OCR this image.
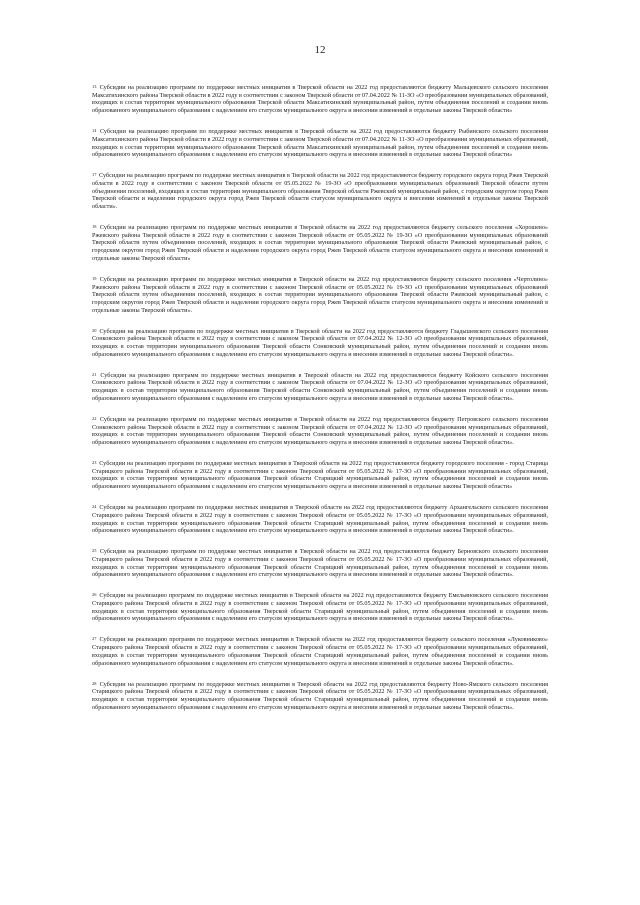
12

$^{13}$ Субсидии на реализацию программ по поддержке местных инициатив в Тверской области на 2022 год предоставляются бюджету Мальцевского сельского поселения Максатихинского района Тверской области в 2022 году в соответствии с законом Тверской области от 07.04.2022 № 11-ЗО «О преобразовании муниципальных образований, входящих в состав территории муниципального образования Тверской области Максатихинский муниципальный район, путем объединения поселений и создании вновь образованного муниципального образования с наделением его статусом муниципального округа и внесении изменений в отдельные законы Тверской области»

$^{14}$ Субсидии на реализацию программ по поддержке местных инициатив в Тверской области на 2022 год предоставляются бюджету Рыбинского сельского поселения Максатихинского района Тверской области в 2022 году в соответствии с законом Тверской области от 07.04.2022 № 11-ЗО «О преобразовании муниципальных образований, входящих в состав территории муниципального образования Тверской области Максатихинский муниципальный район, путем объединения поселений и создании вновь образованного муниципального образования с наделением его статусом муниципального округа и внесении изменений в отдельные законы Тверской области»

$^{17}$ Субсидии на реализацию программ по поддержке местных инициатив в Тверской области на 2022 год предоставляются бюджету городского округа город Ржев Тверской области в 2022 году в соответствии с законом Тверской области от 05.05.2022 № 19-ЗО «О преобразовании муниципальных образований Тверской области путем объединения поселений, входящих в состав территории муниципального образования Тверской области Ржевский муниципальный район, с городским округом город Ржев Тверской области и наделении городского округа город Ржев Тверской области статусом муниципального округа и внесении изменений в отдельные законы Тверской области».

$^{18}$ Субсидии на реализацию программ по поддержке местных инициатив в Тверской области на 2022 год предоставляются бюджету сельского поселения «Хорошево» Ржевского района Тверской области в 2022 году в соответствии с законом Тверской области от 05.05.2022 № 19-ЗО «О преобразовании муниципальных образований Тверской области путем объединения поселений, входящих в состав территории муниципального образования Тверской области Ржевский муниципальный район, с городским округом город Ржев Тверской области и наделении городского округа город Ржев Тверской области статусом муниципального округа и внесении изменений в отдельные законы Тверской области»

$^{19}$ Субсидии на реализацию программ по поддержке местных инициатив в Тверской области на 2022 год предоставляются бюджету сельского поселения «Чертолино» Ржевского района Тверской области в 2022 году в соответствии с законом Тверской области от 05.05.2022 № 19-ЗО «О преобразовании муниципальных образований Тверской области путем объединения поселений, входящих в состав территории муниципального образования Тверской области Ржевский муниципальный район, с городским округом город Ржев Тверской области и наделении городского округа город Ржев Тверской области статусом муниципального округа и внесении изменений в отдельные законы Тверской области».

$^{20}$ Субсидии на реализацию программ по поддержке местных инициатив в Тверской области на 2022 год предоставляются бюджету Гладышевского сельского поселения Сонковского района Тверской области в 2022 году в соответствии с законом Тверской области от 07.04.2022 № 12-ЗО «О преобразовании муниципальных образований, входящих в состав территории муниципального образования Тверской области Сонковский муниципальный район, путем объединения поселений и создании вновь образованного муниципального образования с наделением его статусом муниципального округа и внесении изменений в отдельные законы Тверской области».

$^{21}$ Субсидии на реализацию программ по поддержке местных инициатив в Тверской области на 2022 год предоставляются бюджету Койского сельского поселения Сонковского района Тверской области в 2022 году в соответствии с законом Тверской области от 07.04.2022 № 12-ЗО «О преобразовании муниципальных образований, входящих в состав территории муниципального образования Тверской области Сонковский муниципальный район, путем объединения поселений и создании вновь образованного муниципального образования с наделением его статусом муниципального округа и внесении изменений в отдельные законы Тверской области».

$^{22}$ Субсидии на реализацию программ по поддержке местных инициатив в Тверской области на 2022 год предоставляются бюджету Петровского сельского поселения Сонковского района Тверской области в 2022 году в соответствии с законом Тверской области от 07.04.2022 № 12-ЗО «О преобразовании муниципальных образований, входящих в состав территории муниципального образования Тверской области Сонковский муниципальный район, путем объединения поселений и создании вновь образованного муниципального образования с наделением его статусом муниципального округа и внесении изменений в отдельные законы Тверской области».

$^{23}$ Субсидии на реализацию программ по поддержке местных инициатив в Тверской области на 2022 год предоставляются бюджету городского поселения - город Старица Старицкого района Тверской области в 2022 году в соответствии с законом Тверской области от 05.05.2022 № 17-ЗО «О преобразовании муниципальных образований, входящих в состав территории муниципального образования Тверской области Старицкий муниципальный район, путем объединения поселений и создании вновь образованного муниципального образования с наделением его статусом муниципального округа и внесении изменений в отдельные законы Тверской области»

$^{24}$ Субсидии на реализацию программ по поддержке местных инициатив в Тверской области на 2022 год предоставляются бюджету Архангельского сельского поселения Старицкого района Тверской области в 2022 году в соответствии с законом Тверской области от 05.05.2022 № 17-ЗО «О преобразовании муниципальных образований, входящих в состав территории муниципального образования Тверской области Старицкий муниципальный район, путем объединения поселений и создании вновь образованного муниципального образования с наделением его статусом муниципального округа и внесении изменений в отдельные законы Тверской области».

$^{25}$ Субсидии на реализацию программ по поддержке местных инициатив в Тверской области на 2022 год предоставляются бюджету Берновского сельского поселения Старицкого района Тверской области в 2022 году в соответствии с законом Тверской области от 05.05.2022 № 17-ЗО «О преобразовании муниципальных образований, входящих в состав территории муниципального образования Тверской области Старицкий муниципальный район, путем объединения поселений и создании вновь образованного муниципального образования с наделением его статусом муниципального округа и внесении изменений в отдельные законы Тверской области».

$^{26}$ Субсидии на реализацию программ по поддержке местных инициатив в Тверской области на 2022 год предоставляются бюджету Емельяновского сельского поселения Старицкого района Тверской области в 2022 году в соответствии с законом Тверской области от 05.05.2022 № 17-ЗО «О преобразовании муниципальных образований, входящих в состав территории муниципального образования Тверской области Старицкий муниципальный район, путем объединения поселений и создании вновь образованного муниципального образования с наделением его статусом муниципального округа и внесении изменений в отдельные законы Тверской области».

$^{27}$ Субсидии на реализацию программ по поддержке местных инициатив в Тверской области на 2022 год предоставляются бюджету сельского поселения «Луковниково» Старицкого района Тверской области в 2022 году в соответствии с законом Тверской области от 05.05.2022 № 17-ЗО «О преобразовании муниципальных образований, входящих в состав территории муниципального образования Тверской области Старицкий муниципальный район, путем объединения поселений и создании вновь образованного муниципального образования с наделением его статусом муниципального округа и внесении изменений в отдельные законы Тверской области».

$^{28}$ Субсидии на реализацию программ по поддержке местных инициатив в Тверской области на 2022 год предоставляются бюджету Ново-Ямского сельского поселения Старицкого района Тверской области в 2022 году в соответствии с законом Тверской области от 05.05.2022 № 17-ЗО «О преобразовании муниципальных образований, входящих в состав территории муниципального образования Тверской области Старицкий муниципальный район, путем объединения поселений и создании вновь образованного муниципального образования с наделением его статусом муниципального округа и внесении изменений в отдельные законы Тверской области».
